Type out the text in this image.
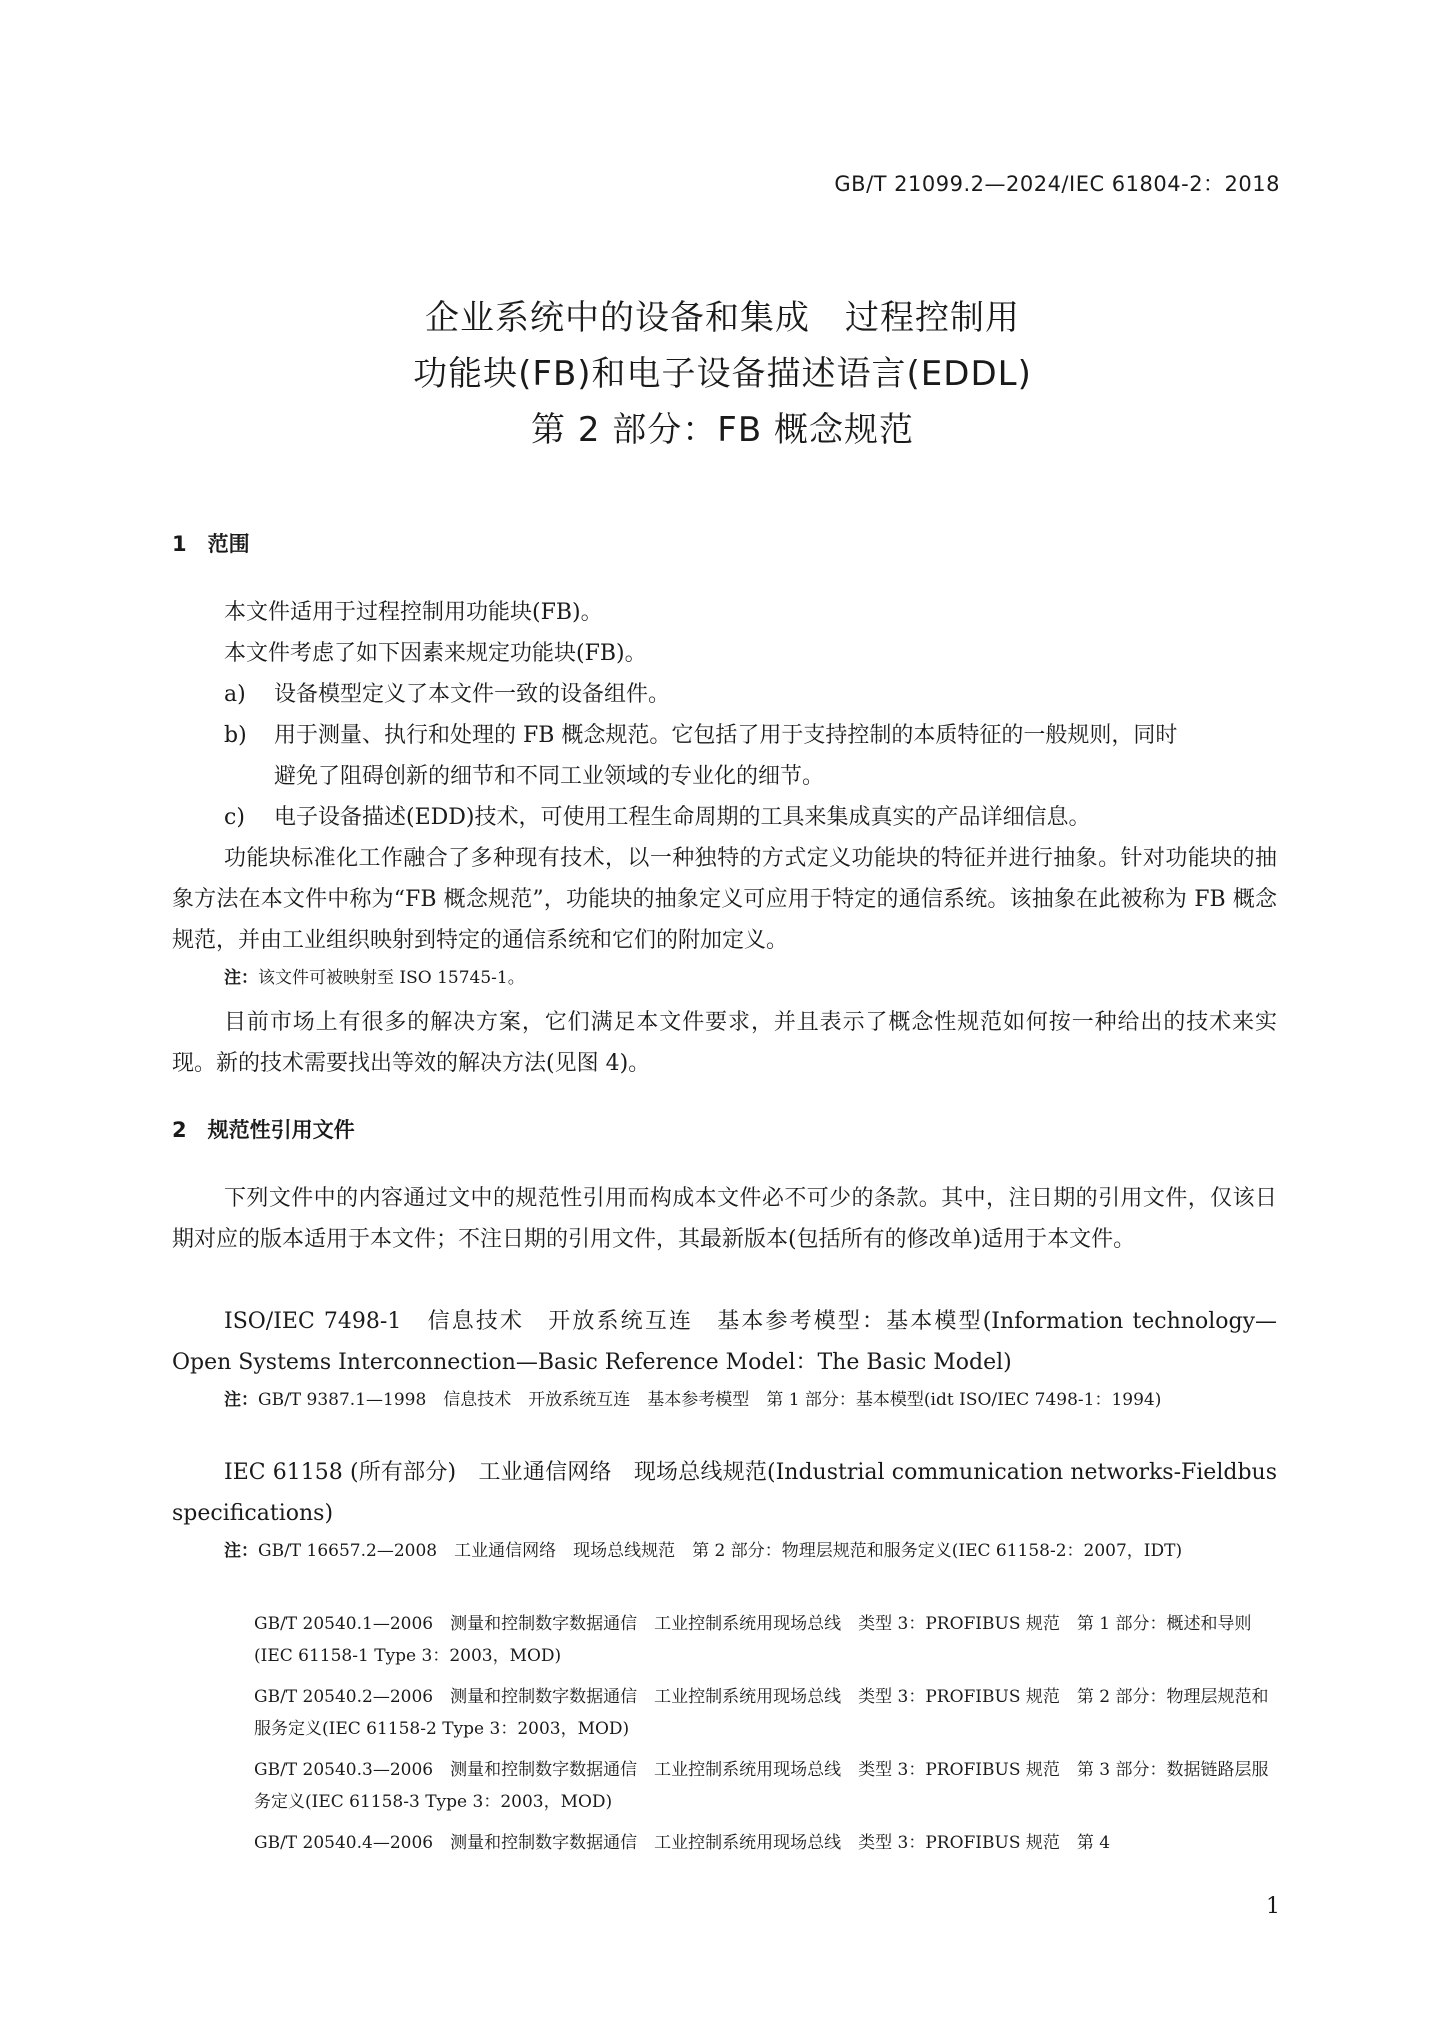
GB/T 21099.2—2024/IEC 61804-2：2018
企业系统中的设备和集成　过程控制用
功能块(FB)和电子设备描述语言(EDDL)
第 2 部分：FB 概念规范
1　范围
本文件适用于过程控制用功能块(FB)。
本文件考虑了如下因素来规定功能块(FB)。
a) 设备模型定义了本文件一致的设备组件。
b) 用于测量、执行和处理的 FB 概念规范。它包括了用于支持控制的本质特征的一般规则，同时
避免了阻碍创新的细节和不同工业领域的专业化的细节。
c) 电子设备描述(EDD)技术，可使用工程生命周期的工具来集成真实的产品详细信息。
功能块标准化工作融合了多种现有技术，以一种独特的方式定义功能块的特征并进行抽象。针对功能块的抽象方法在本文件中称为“FB 概念规范”，功能块的抽象定义可应用于特定的通信系统。该抽象在此被称为 FB 概念规范，并由工业组织映射到特定的通信系统和它们的附加定义。
注：该文件可被映射至 ISO 15745-1。
目前市场上有很多的解决方案，它们满足本文件要求，并且表示了概念性规范如何按一种给出的技术来实现。新的技术需要找出等效的解决方法(见图 4)。
2　规范性引用文件
下列文件中的内容通过文中的规范性引用而构成本文件必不可少的条款。其中，注日期的引用文件，仅该日期对应的版本适用于本文件；不注日期的引用文件，其最新版本(包括所有的修改单)适用于本文件。
ISO/IEC 7498-1　信息技术　开放系统互连　基本参考模型：基本模型(Information technology—Open Systems Interconnection—Basic Reference Model：The Basic Model)
注：GB/T 9387.1—1998　信息技术　开放系统互连　基本参考模型　第 1 部分：基本模型(idt ISO/IEC 7498-1：1994)
IEC 61158 (所有部分)　工业通信网络　现场总线规范(Industrial communication networks-Fieldbus specifications)
注：GB/T 16657.2—2008　工业通信网络　现场总线规范　第 2 部分：物理层规范和服务定义(IEC 61158-2：2007，IDT)
GB/T 20540.1—2006　测量和控制数字数据通信　工业控制系统用现场总线　类型 3：PROFIBUS 规范　第 1 部分：概述和导则(IEC 61158-1 Type 3：2003，MOD)
GB/T 20540.2—2006　测量和控制数字数据通信　工业控制系统用现场总线　类型 3：PROFIBUS 规范　第 2 部分：物理层规范和服务定义(IEC 61158-2 Type 3：2003，MOD)
GB/T 20540.3—2006　测量和控制数字数据通信　工业控制系统用现场总线　类型 3：PROFIBUS 规范　第 3 部分：数据链路层服务定义(IEC 61158-3 Type 3：2003，MOD)
GB/T 20540.4—2006　测量和控制数字数据通信　工业控制系统用现场总线　类型 3：PROFIBUS 规范　第 4
1
